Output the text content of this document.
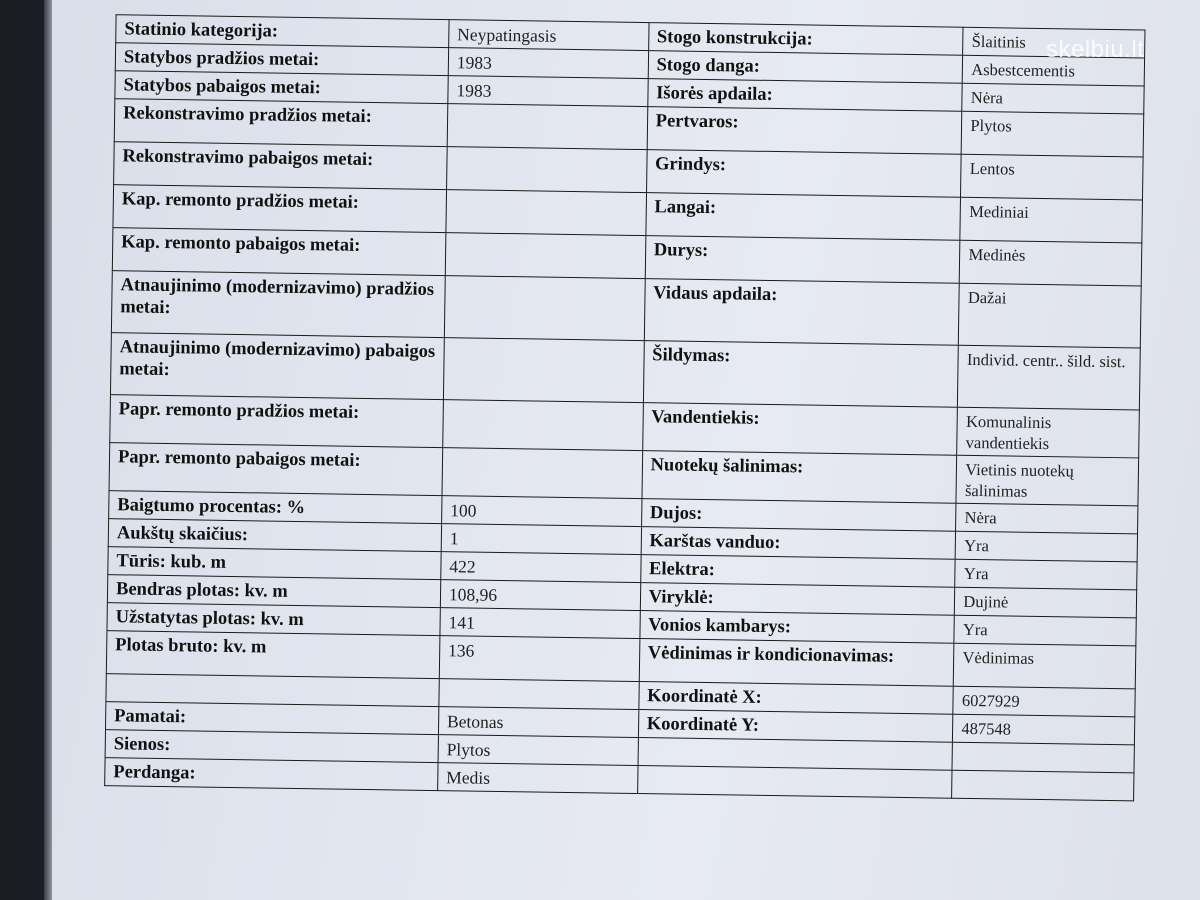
Statinio kategorija:	Neypatingasis	Stogo konstrukcija:	Šlaitinis
Statybos pradžios metai:	1983	Stogo danga:	Asbestcementis
Statybos pabaigos metai:	1983	Išorės apdaila:	Nėra
Rekonstravimo pradžios metai:		Pertvaros:	Plytos
Rekonstravimo pabaigos metai:		Grindys:	Lentos
Kap. remonto pradžios metai:		Langai:	Mediniai
Kap. remonto pabaigos metai:		Durys:	Medinės
Atnaujinimo (modernizavimo) pradžios metai:		Vidaus apdaila:	Dažai
Atnaujinimo (modernizavimo) pabaigos metai:		Šildymas:	Individ. centr.. šild. sist.
Papr. remonto pradžios metai:		Vandentiekis:	Komunalinis vandentiekis
Papr. remonto pabaigos metai:		Nuotekų šalinimas:	Vietinis nuotekų šalinimas
Baigtumo procentas: %	100	Dujos:	Nėra
Aukštų skaičius:	1	Karštas vanduo:	Yra
Tūris: kub. m	422	Elektra:	Yra
Bendras plotas: kv. m	108,96	Viryklė:	Dujinė
Užstatytas plotas: kv. m	141	Vonios kambarys:	Yra
Plotas bruto: kv. m	136	Vėdinimas ir kondicionavimas:	Vėdinimas
		Koordinatė X:	6027929
Pamatai:	Betonas	Koordinatė Y:	487548
Sienos:	Plytos		
Perdanga:	Medis		
skelbiu.lt
